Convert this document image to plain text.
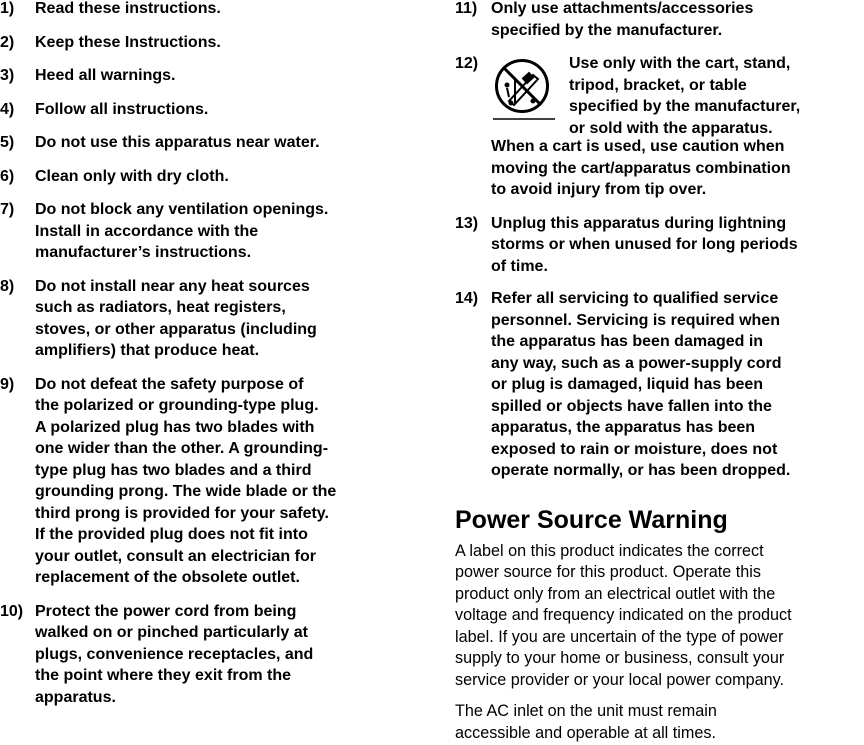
1)	Read these instructions.
2)	Keep these Instructions.
3)	Heed all warnings.
4)	Follow all instructions.
5)	Do not use this apparatus near water.
6)	Clean only with dry cloth.
7)	Do not block any ventilation openings.
Install in accordance with the
manufacturer’s instructions.
8)	Do not install near any heat sources
such as radiators, heat registers,
stoves, or other apparatus (including
amplifiers) that produce heat.
9)	Do not defeat the safety purpose of
the polarized or grounding-type plug.
A polarized plug has two blades with
one wider than the other. A grounding-
type plug has two blades and a third
grounding prong. The wide blade or the
third prong is provided for your safety.
If the provided plug does not fit into
your outlet, consult an electrician for
replacement of the obsolete outlet.
10) Protect the power cord from being
walked on or pinched particularly at
plugs, convenience receptacles, and
the point where they exit from the
apparatus.
11) Only use attachments/accessories
specified by the manufacturer.
12)	Use only with the cart, stand,
tripod, bracket, or table
specified by the manufacturer,
or sold with the apparatus.
When a cart is used, use caution when
moving the cart/apparatus combination
to avoid injury from tip over.
13) Unplug this apparatus during lightning
storms or when unused for long periods
of time.
14) Refer all servicing to qualified service
personnel. Servicing is required when
the apparatus has been damaged in
any way, such as a power-supply cord
or plug is damaged, liquid has been
spilled or objects have fallen into the
apparatus, the apparatus has been
exposed to rain or moisture, does not
operate normally, or has been dropped.
Power Source Warning

A label on this product indicates the correct
power source for this product. Operate this
product only from an electrical outlet with the
voltage and frequency indicated on the product
label. If you are uncertain of the type of power
supply to your home or business, consult your
service provider or your local power company.

The AC inlet on the unit must remain
accessible and operable at all times.
